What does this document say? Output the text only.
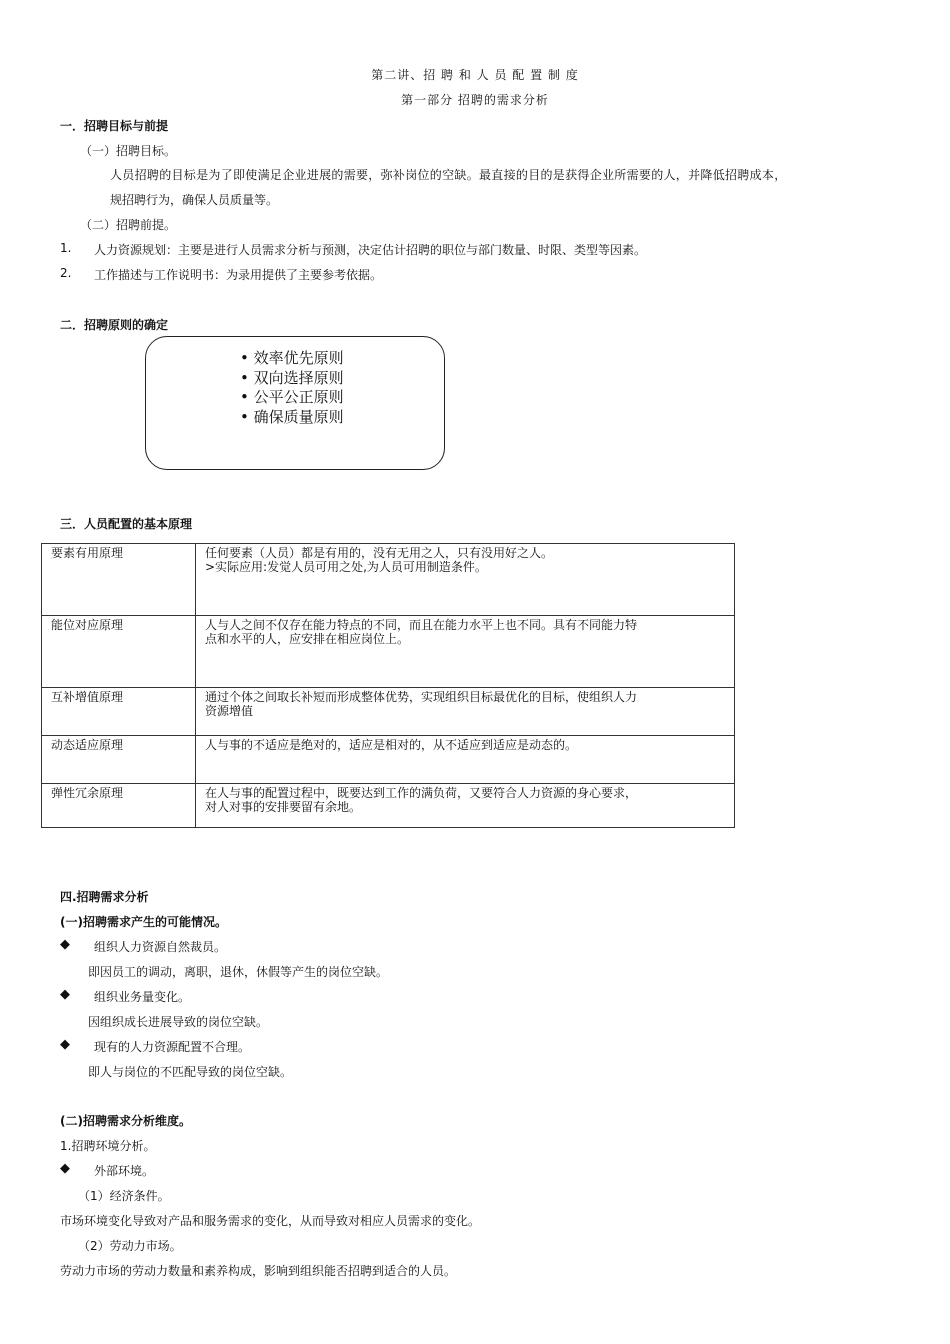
第二讲、招 聘 和 人 员 配 置 制 度
第一部分 招聘的需求分析
一．招聘目标与前提
（一）招聘目标。
人员招聘的目标是为了即使满足企业进展的需要，弥补岗位的空缺。最直接的目的是获得企业所需要的人，并降低招聘成本，
规招聘行为，确保人员质量等。
（二）招聘前提。
1. 人力资源规划：主要是进行人员需求分析与预测，决定估计招聘的职位与部门数量、时限、类型等因素。
2. 工作描述与工作说明书：为录用提供了主要参考依据。
二．招聘原则的确定
• 效率优先原则
• 双向选择原则
• 公平公正原则
• 确保质量原则
三．人员配置的基本原理
要素有用原理	任何要素（人员）都是有用的，没有无用之人，只有没用好之人。
>实际应用:发觉人员可用之处,为人员可用制造条件。

能位对应原理	人与人之间不仅存在能力特点的不同，而且在能力水平上也不同。具有不同能力特
点和水平的人，应安排在相应岗位上。

互补增值原理	通过个体之间取长补短而形成整体优势，实现组织目标最优化的目标，使组织人力
资源增值

动态适应原理	人与事的不适应是绝对的，适应是相对的，从不适应到适应是动态的。

弹性冗余原理	在人与事的配置过程中，既要达到工作的满负荷，又要符合人力资源的身心要求，
对人对事的安排要留有余地。
四.招聘需求分析
(一)招聘需求产生的可能情况。
◆ 组织人力资源自然裁员。
即因员工的调动，离职，退休，休假等产生的岗位空缺。
◆ 组织业务量变化。
因组织成长进展导致的岗位空缺。
◆ 现有的人力资源配置不合理。
即人与岗位的不匹配导致的岗位空缺。
(二)招聘需求分析维度。
1.招聘环境分析。
◆ 外部环境。
（1）经济条件。
市场环境变化导致对产品和服务需求的变化，从而导致对相应人员需求的变化。
（2）劳动力市场。
劳动力市场的劳动力数量和素养构成，影响到组织能否招聘到适合的人员。
